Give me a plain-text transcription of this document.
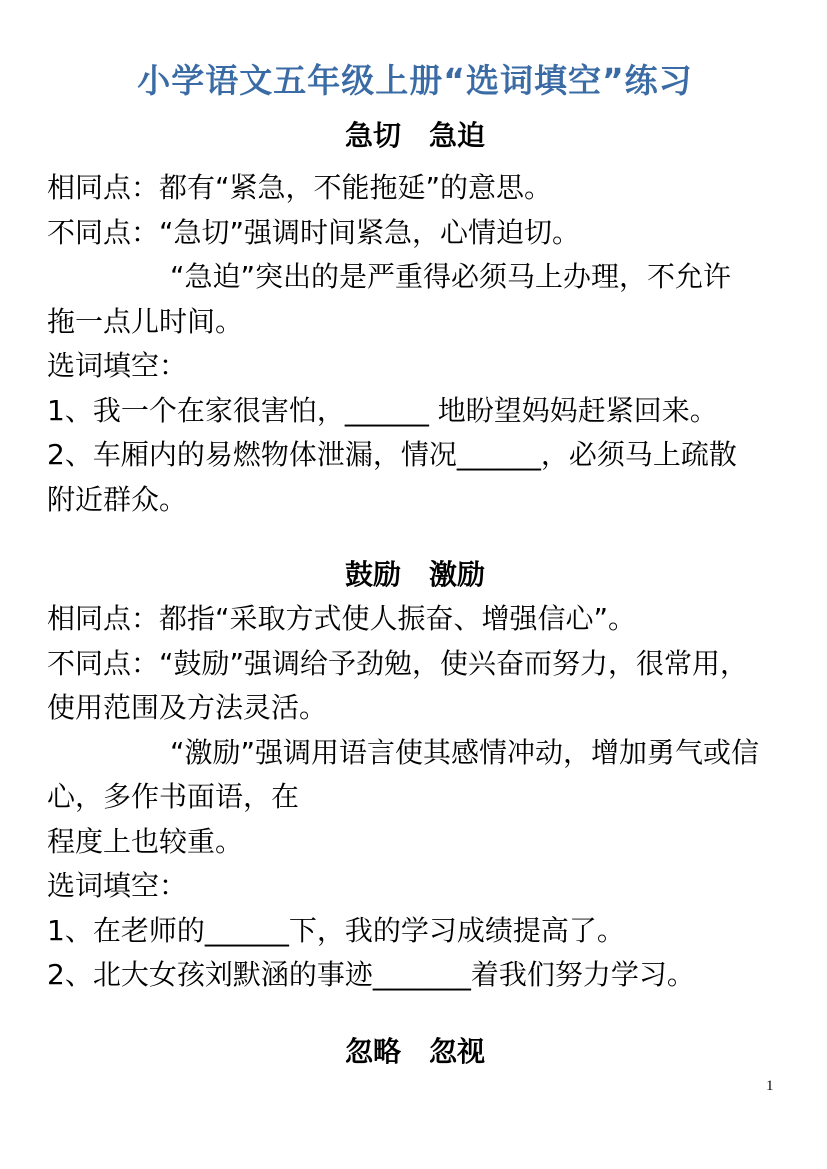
小学语文五年级上册“选词填空”练习
急切　急迫

相同点：都有“紧急，不能拖延”的意思。

不同点：“急切”强调时间紧急，心情迫切。

“急迫”突出的是严重得必须马上办理，不允许

拖一点儿时间。

选词填空：

1、我一个在家很害怕，______ 地盼望妈妈赶紧回来。

2、车厢内的易燃物体泄漏，情况______，必须马上疏散

附近群众。

鼓励　激励

相同点：都指“采取方式使人振奋、增强信心”。

不同点：“鼓励”强调给予劲勉，使兴奋而努力，很常用，

使用范围及方法灵活。

“激励”强调用语言使其感情冲动，增加勇气或信

心，多作书面语，在

程度上也较重。

选词填空：

1、在老师的______下，我的学习成绩提高了。

2、北大女孩刘默涵的事迹_______着我们努力学习。

忽略　忽视
1
